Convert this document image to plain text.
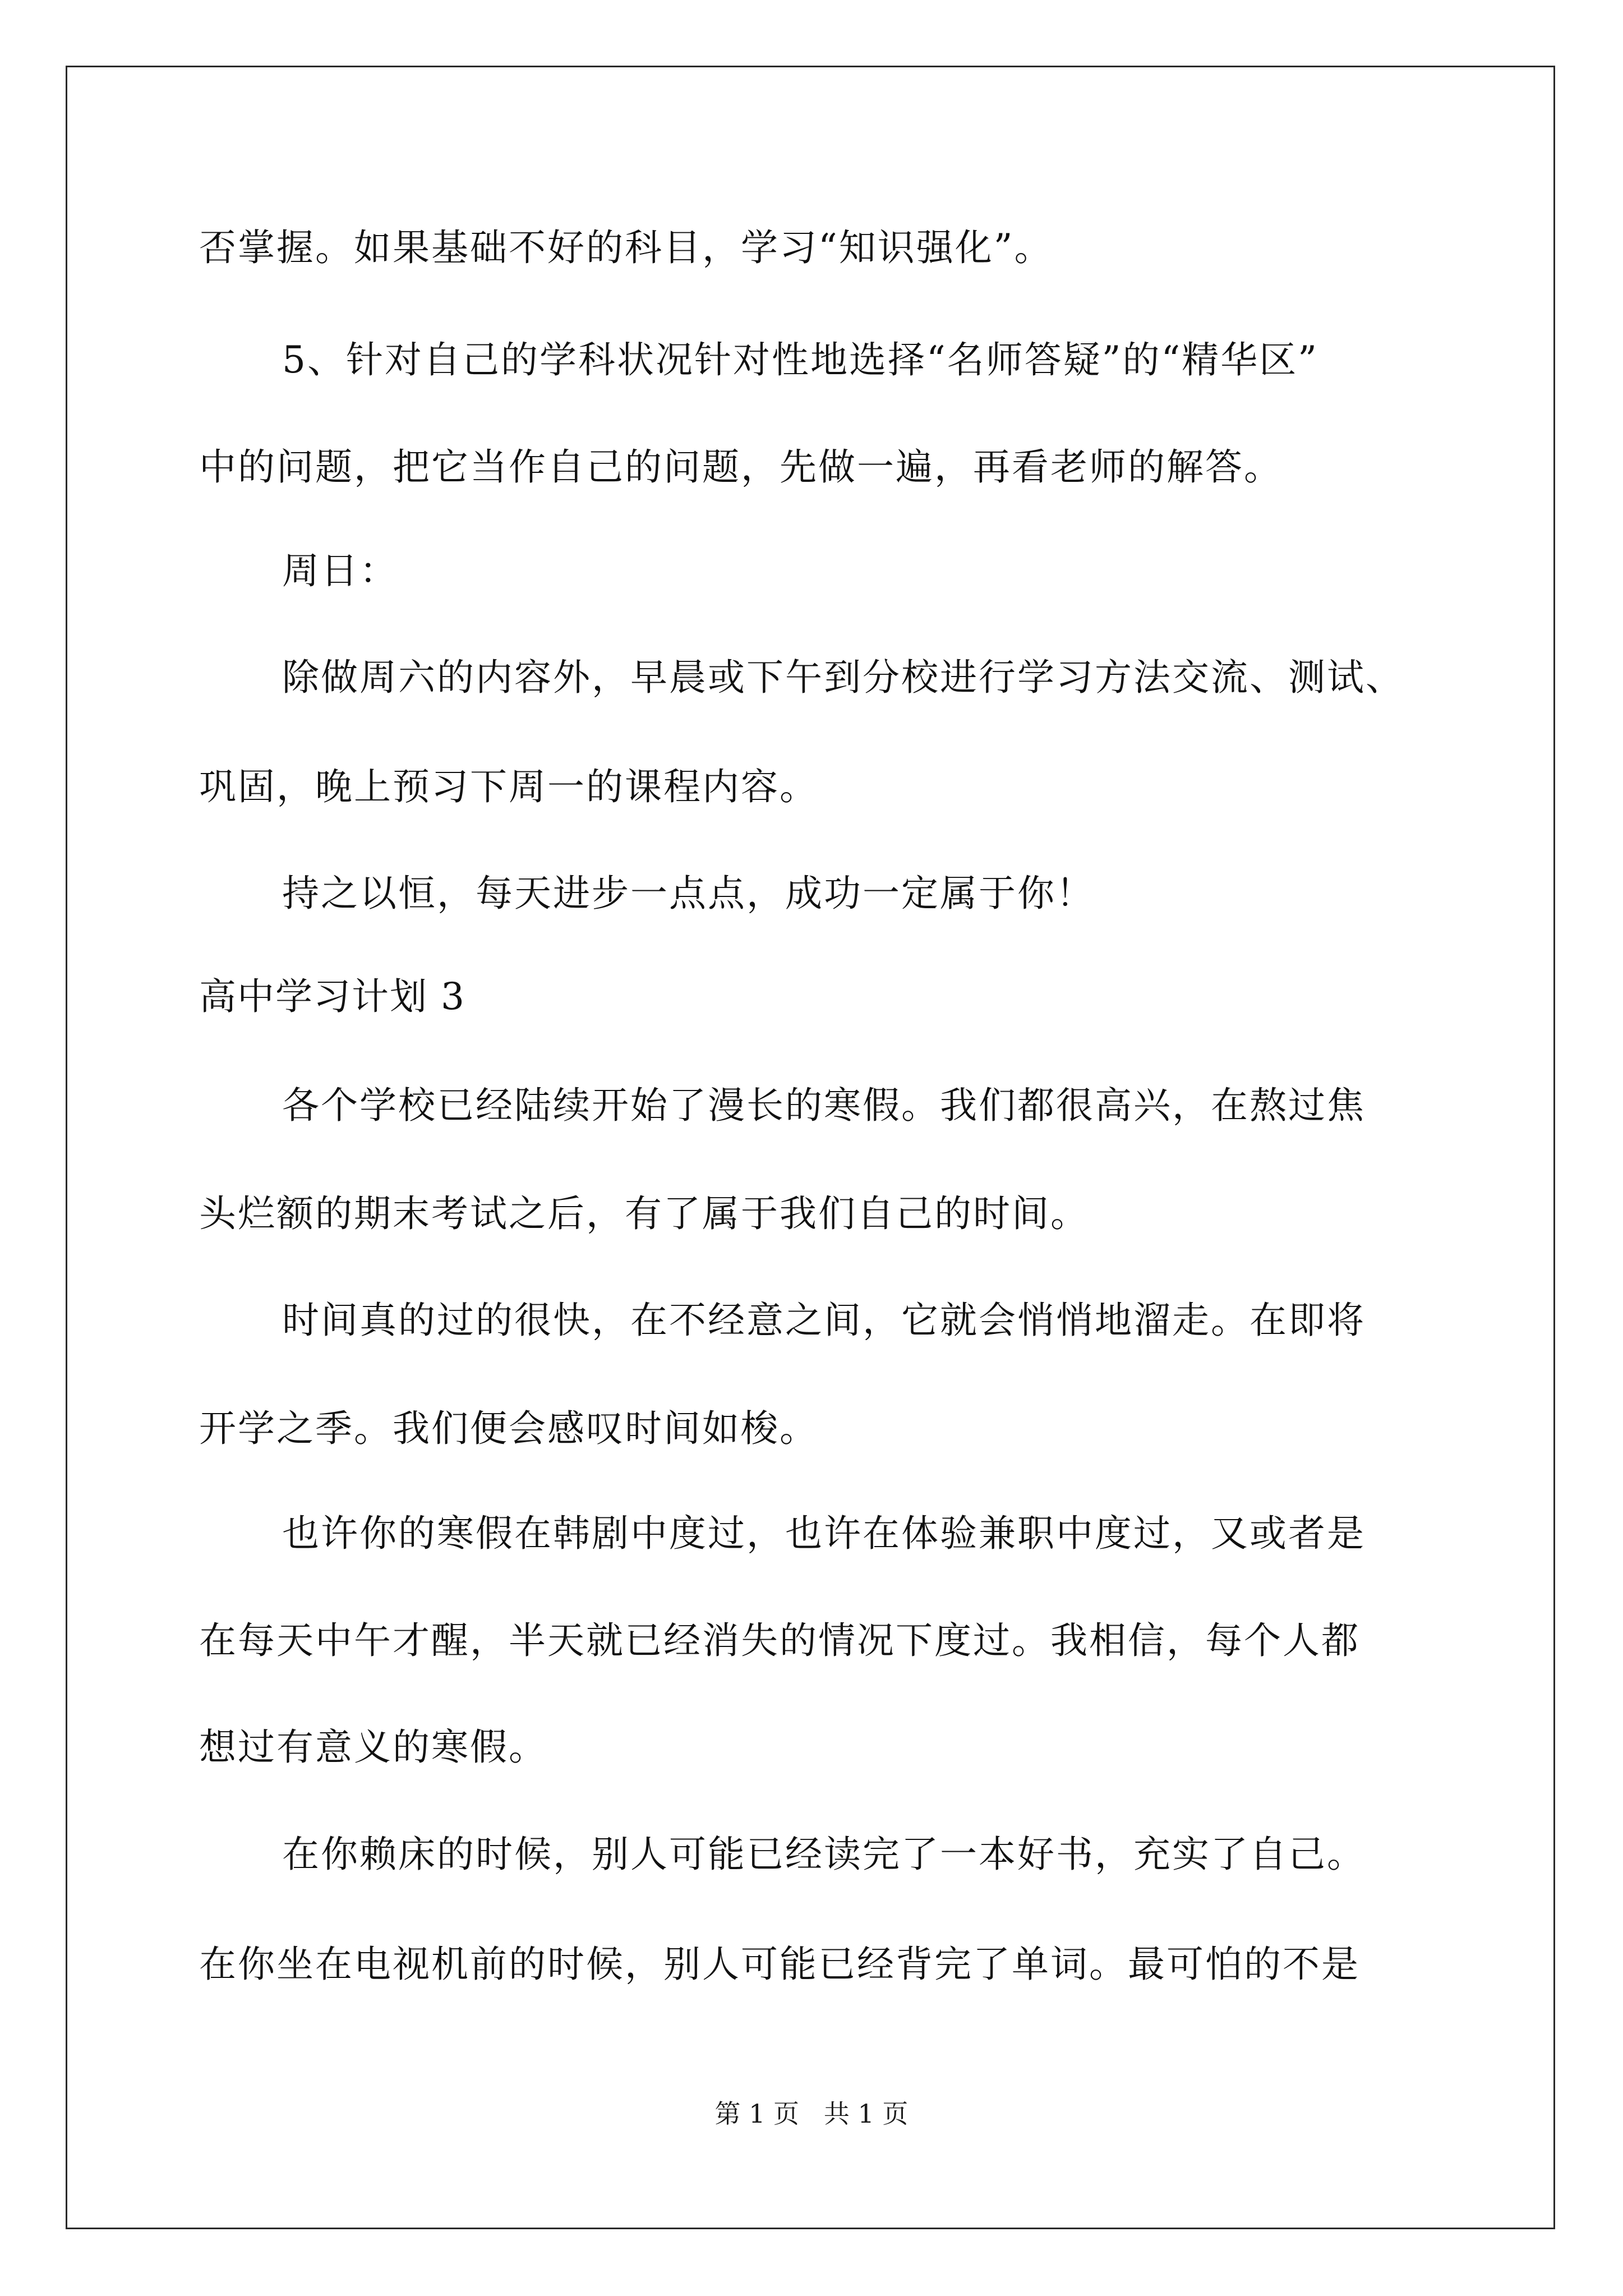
否掌握。如果基础不好的科目，学习“知识强化”。
5、针对自己的学科状况针对性地选择“名师答疑”的“精华区”
中的问题，把它当作自己的问题，先做一遍，再看老师的解答。
周日：
除做周六的内容外，早晨或下午到分校进行学习方法交流、测试、
巩固，晚上预习下周一的课程内容。
持之以恒，每天进步一点点，成功一定属于你！
高中学习计划 3
各个学校已经陆续开始了漫长的寒假。我们都很高兴，在熬过焦
头烂额的期末考试之后，有了属于我们自己的时间。
时间真的过的很快，在不经意之间，它就会悄悄地溜走。在即将
开学之季。我们便会感叹时间如梭。
也许你的寒假在韩剧中度过，也许在体验兼职中度过，又或者是
在每天中午才醒，半天就已经消失的情况下度过。我相信，每个人都
想过有意义的寒假。
在你赖床的时候，别人可能已经读完了一本好书，充实了自己。
在你坐在电视机前的时候，别人可能已经背完了单词。最可怕的不是
第 1 页   共 1 页
